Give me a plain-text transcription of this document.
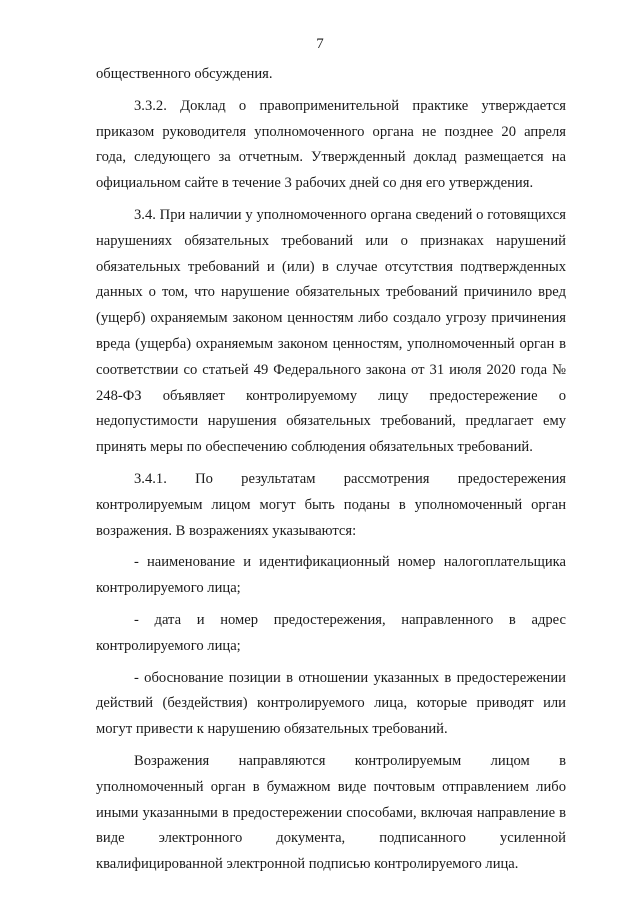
7

общественного обсуждения.

3.3.2. Доклад о правоприменительной практике утверждается приказом руководителя уполномоченного органа не позднее 20 апреля года, следующего за отчетным. Утвержденный доклад размещается на официальном сайте в течение 3 рабочих дней со дня его утверждения.

3.4. При наличии у уполномоченного органа сведений о готовящихся нарушениях обязательных требований или о признаках нарушений обязательных требований и (или) в случае отсутствия подтвержденных данных о том, что нарушение обязательных требований причинило вред (ущерб) охраняемым законом ценностям либо создало угрозу причинения вреда (ущерба) охраняемым законом ценностям, уполномоченный орган в соответствии со статьей 49 Федерального закона от 31 июля 2020 года № 248-ФЗ объявляет контролируемому лицу предостережение о недопустимости нарушения обязательных требований, предлагает ему принять меры по обеспечению соблюдения обязательных требований.

3.4.1. По результатам рассмотрения предостережения контролируемым лицом могут быть поданы в уполномоченный орган возражения. В возражениях указываются:

- наименование и идентификационный номер налогоплательщика контролируемого лица;

- дата и номер предостережения, направленного в адрес контролируемого лица;

- обоснование позиции в отношении указанных в предостережении действий (бездействия) контролируемого лица, которые приводят или могут привести к нарушению обязательных требований.

Возражения направляются контролируемым лицом в уполномоченный орган в бумажном виде почтовым отправлением либо иными указанными в предостережении способами, включая направление в виде электронного документа, подписанного усиленной квалифицированной электронной подписью контролируемого лица.
